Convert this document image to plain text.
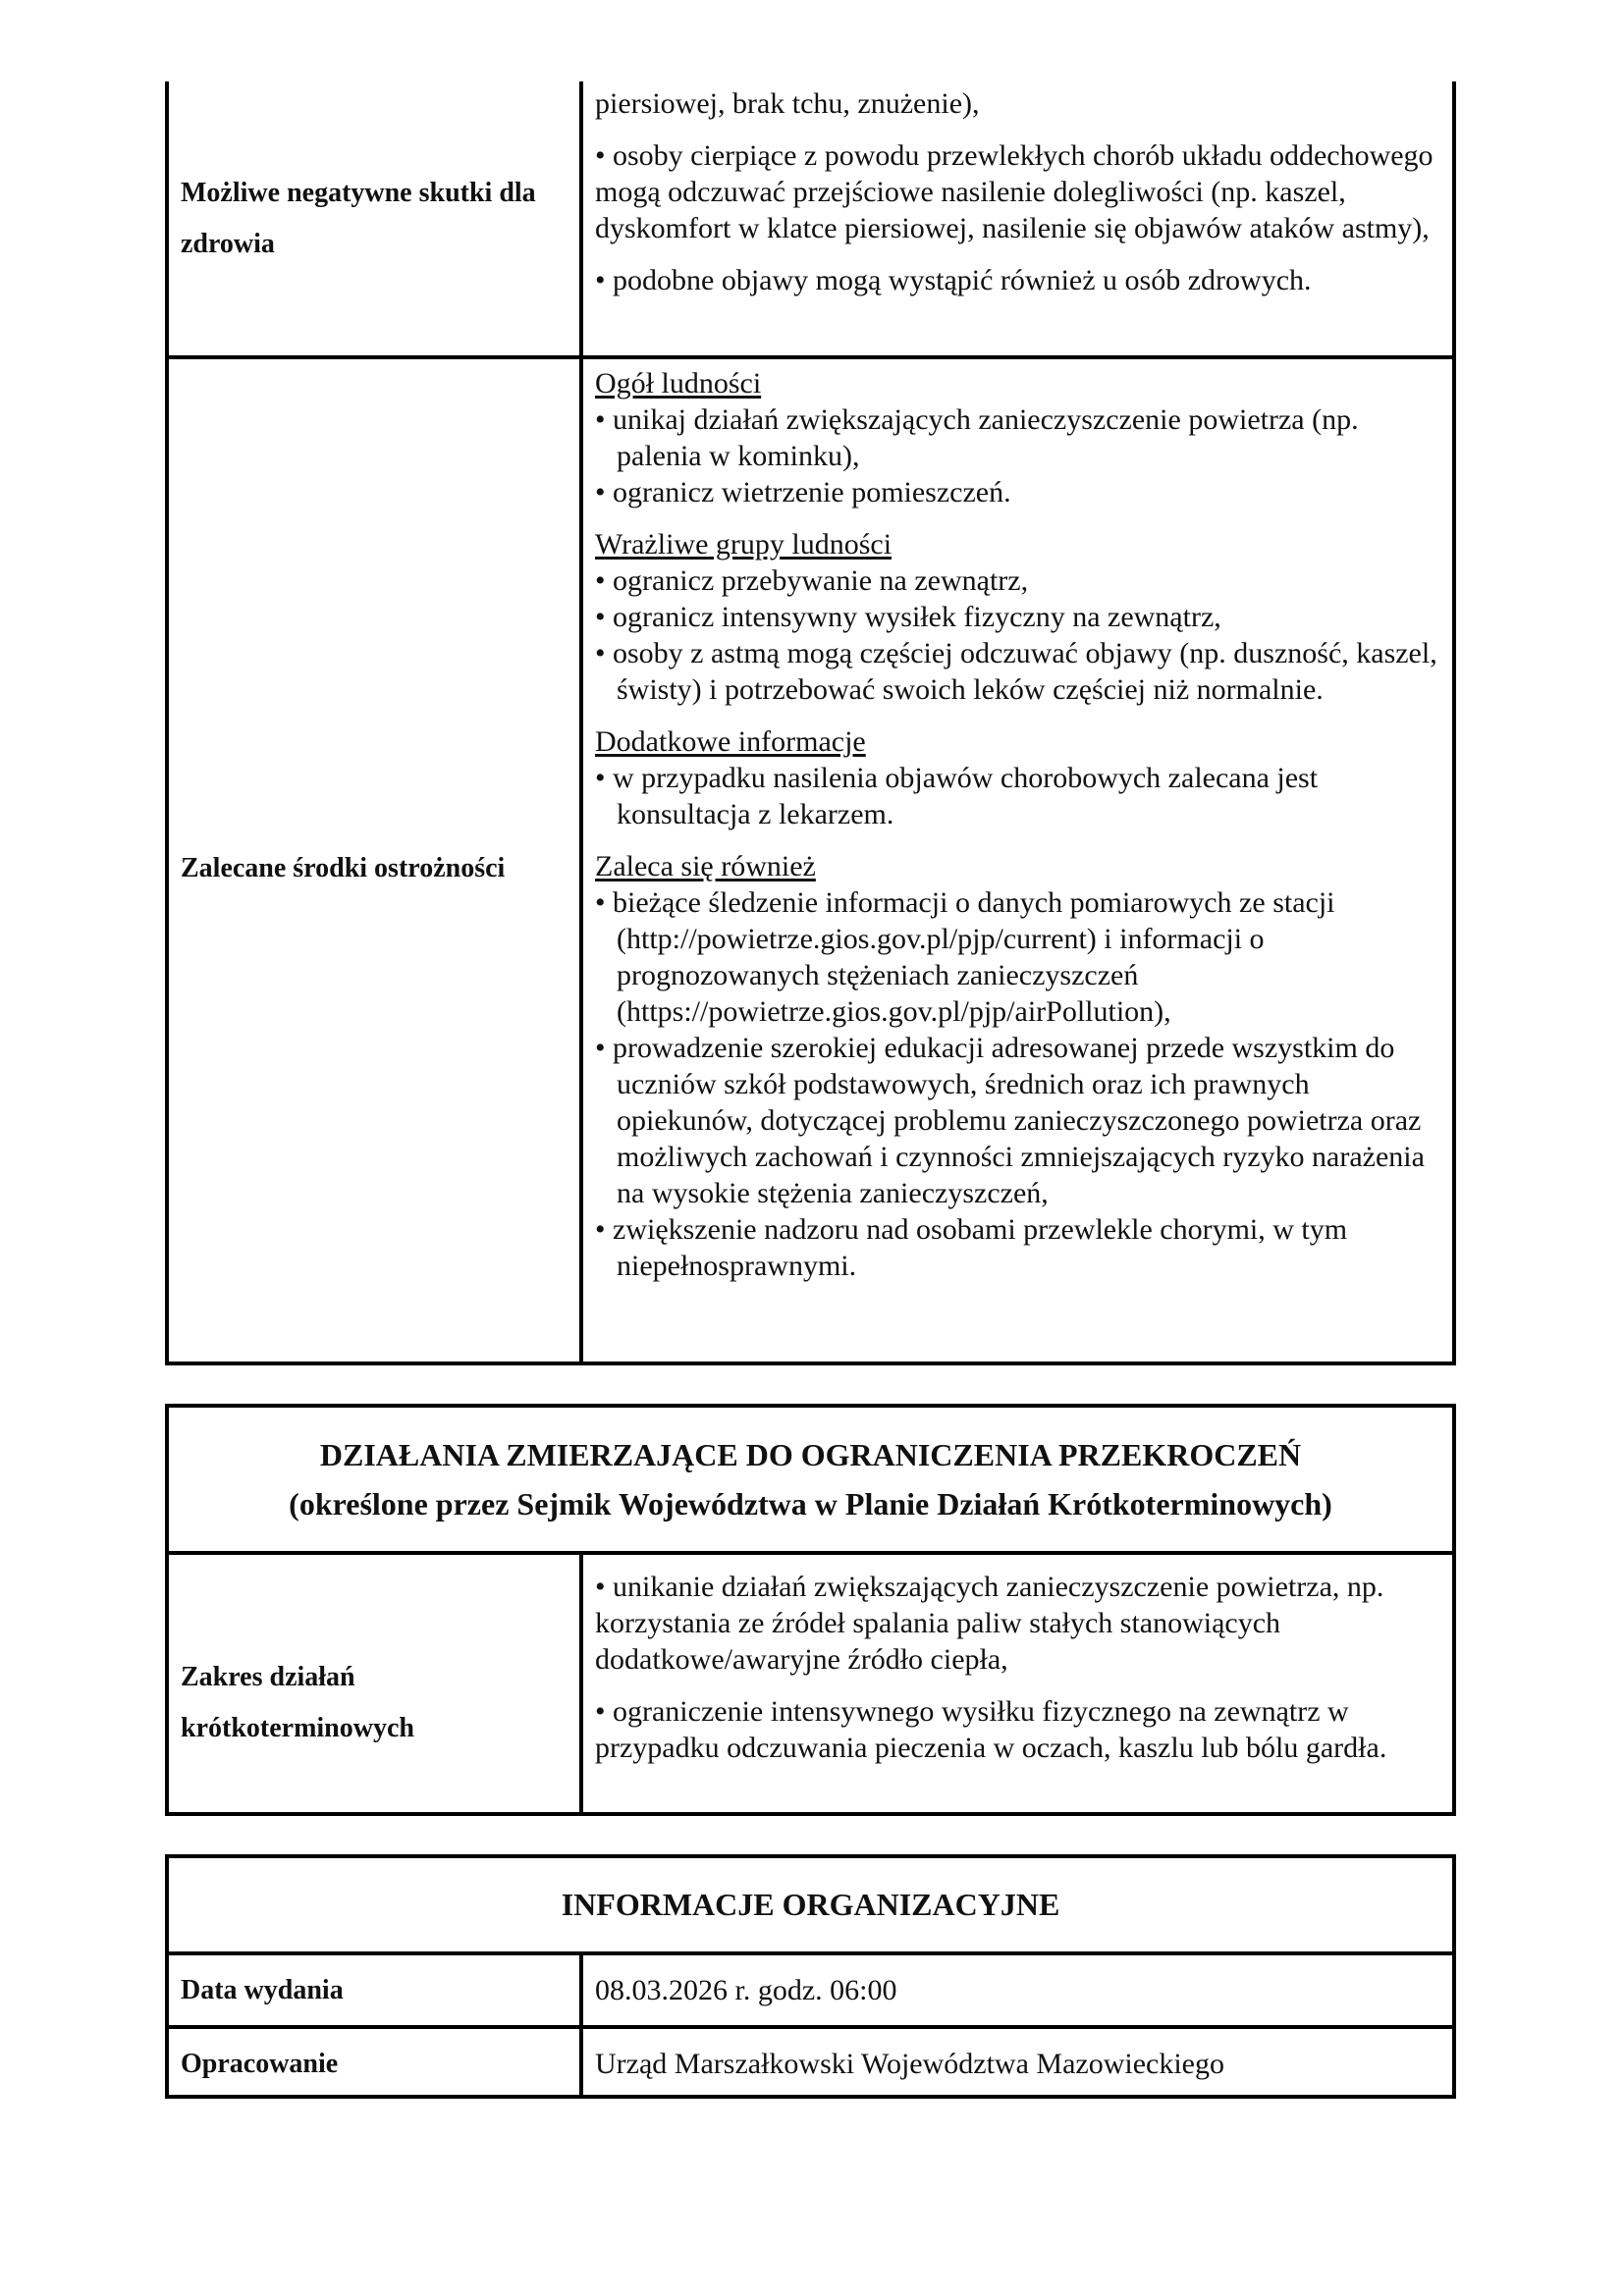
Możliwe negatywne skutki dla zdrowia

piersiowej, brak tchu, znużenie),

• osoby cierpiące z powodu przewlekłych chorób układu oddechowego mogą odczuwać przejściowe nasilenie dolegliwości (np. kaszel, dyskomfort w klatce piersiowej, nasilenie się objawów ataków astmy),

• podobne objawy mogą wystąpić również u osób zdrowych.

Zalecane środki ostrożności
Ogół ludności
• unikaj działań zwiększających zanieczyszczenie powietrza (np. palenia w kominku),
• ogranicz wietrzenie pomieszczeń.
Wrażliwe grupy ludności
• ogranicz przebywanie na zewnątrz,
• ogranicz intensywny wysiłek fizyczny na zewnątrz,
• osoby z astmą mogą częściej odczuwać objawy (np. duszność, kaszel, świsty) i potrzebować swoich leków częściej niż normalnie.
Dodatkowe informacje
• w przypadku nasilenia objawów chorobowych zalecana jest konsultacja z lekarzem.
Zaleca się również
• bieżące śledzenie informacji o danych pomiarowych ze stacji (http://powietrze.gios.gov.pl/pjp/current) i informacji o prognozowanych stężeniach zanieczyszczeń (https://powietrze.gios.gov.pl/pjp/airPollution),
• prowadzenie szerokiej edukacji adresowanej przede wszystkim do uczniów szkół podstawowych, średnich oraz ich prawnych opiekunów, dotyczącej problemu zanieczyszczonego powietrza oraz możliwych zachowań i czynności zmniejszających ryzyko narażenia na wysokie stężenia zanieczyszczeń,
• zwiększenie nadzoru nad osobami przewlekle chorymi, w tym niepełnosprawnymi.
DZIAŁANIA ZMIERZAJĄCE DO OGRANICZENIA PRZEKROCZEŃ
(określone przez Sejmik Województwa w Planie Działań Krótkoterminowych)
Zakres działań krótkoterminowych

• unikanie działań zwiększających zanieczyszczenie powietrza, np. korzystania ze źródeł spalania paliw stałych stanowiących dodatkowe/awaryjne źródło ciepła,

• ograniczenie intensywnego wysiłku fizycznego na zewnątrz w przypadku odczuwania pieczenia w oczach, kaszlu lub bólu gardła.

INFORMACJE ORGANIZACYJNE
Data wydania	08.03.2026 r. godz. 06:00
Opracowanie	Urząd Marszałkowski Województwa Mazowieckiego
